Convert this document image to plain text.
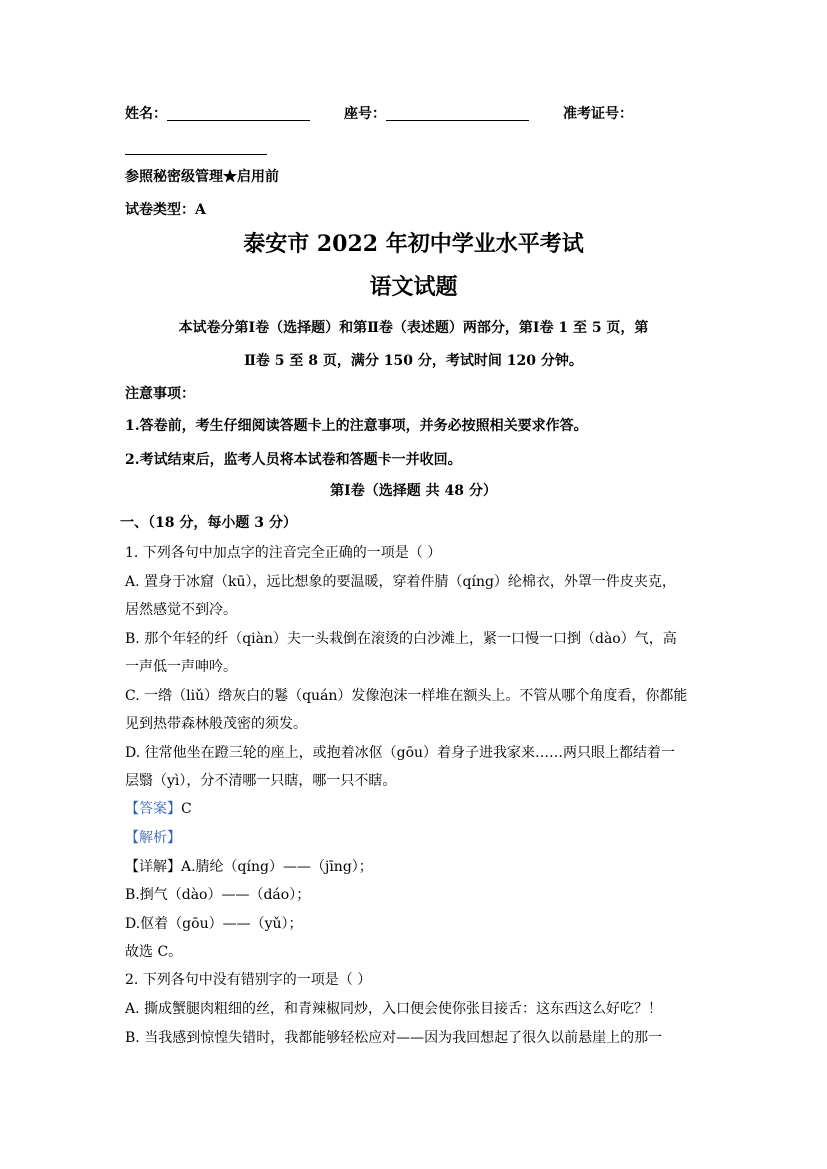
姓名：	座号：	准考证号：
参照秘密级管理★启用前
试卷类型：A
泰安市 2022 年初中学业水平考试
语文试题
本试卷分第Ⅰ卷（选择题）和第Ⅱ卷（表述题）两部分，第Ⅰ卷 1 至 5 页，第
Ⅱ卷 5 至 8 页，满分 150 分，考试时间 120 分钟。
注意事项：
1.答卷前，考生仔细阅读答题卡上的注意事项，并务必按照相关要求作答。
2.考试结束后，监考人员将本试卷和答题卡一并收回。
第Ⅰ卷（选择题 共 48 分）
一、（18 分，每小题 3 分）
1. 下列各句中加点字的注音完全正确的一项是（ ）
A. 置身于冰窟（kū），远比想象的要温暖，穿着件腈（qíng）纶棉衣，外罩一件皮夹克，
居然感觉不到冷。
B. 那个年轻的纤（qiàn）夫一头栽倒在滚烫的白沙滩上，紧一口慢一口捯（dào）气，高
一声低一声呻吟。
C. 一绺（liǔ）绺灰白的鬈（quán）发像泡沫一样堆在额头上。不管从哪个角度看，你都能
见到热带森林般茂密的须发。
D. 往常他坐在蹬三轮的座上，或抱着冰伛（gōu）着身子进我家来……两只眼上都结着一
层翳（yì），分不清哪一只瞎，哪一只不瞎。
【答案】C
【解析】
【详解】A.腈纶（qíng）——（jīng）；
B.捯气（dào）——（dáo）；
D.伛着（gōu）——（yǔ）；
故选 C。
2. 下列各句中没有错别字的一项是（ ）
A. 撕成蟹腿肉粗细的丝，和青辣椒同炒，入口便会使你张目接舌：这东西这么好吃？！
B. 当我感到惊惶失错时，我都能够轻松应对——因为我回想起了很久以前悬崖上的那一
